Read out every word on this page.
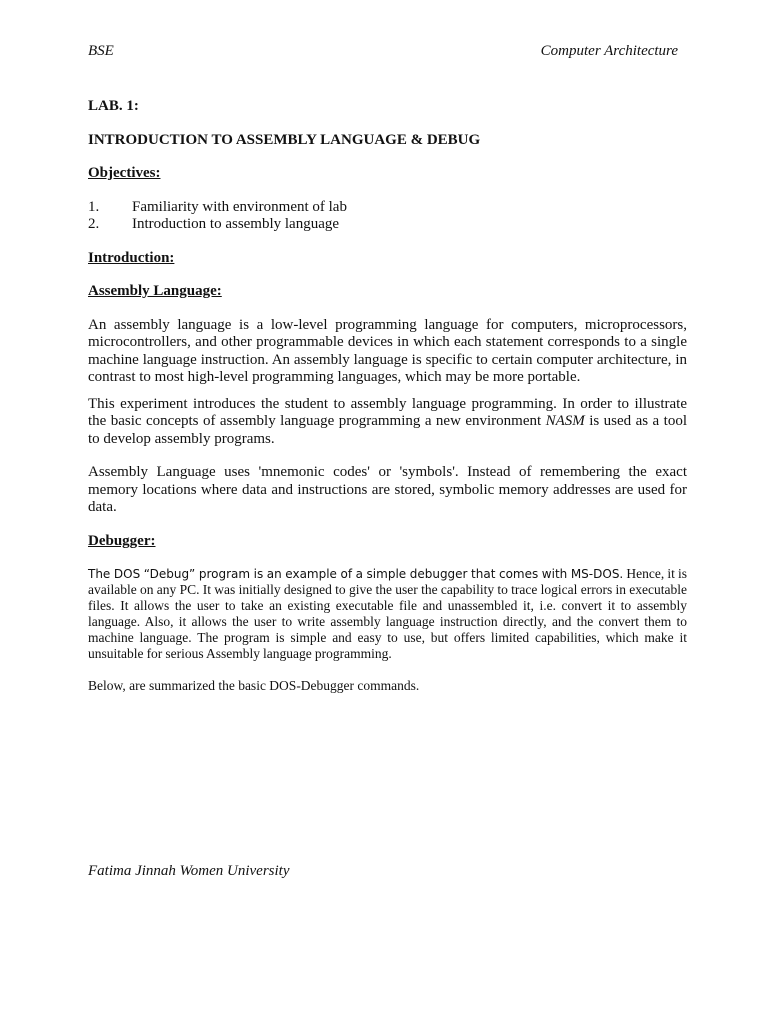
BSE	Computer Architecture
LAB. 1:
INTRODUCTION TO ASSEMBLY LANGUAGE & DEBUG
Objectives:
1.	Familiarity with environment of lab
2.	Introduction to assembly language
Introduction:
Assembly Language:

An assembly language is a low-level programming language for computers, microprocessors, microcontrollers, and other programmable devices in which each statement corresponds to a single machine language instruction. An assembly language is specific to certain computer architecture, in contrast to most high-level programming languages, which may be more portable.

This experiment introduces the student to assembly language programming. In order to illustrate the basic concepts of assembly language programming a new environment NASM is used as a tool to develop assembly programs.

Assembly Language uses 'mnemonic codes' or 'symbols'. Instead of remembering the exact memory locations where data and instructions are stored, symbolic memory addresses are used for data.

Debugger:

The DOS “Debug” program is an example of a simple debugger that comes with MS-DOS. Hence, it is available on any PC. It was initially designed to give the user the capability to trace logical errors in executable files. It allows the user to take an existing executable file and unassembled it, i.e. convert it to assembly language. Also, it allows the user to write assembly language instruction directly, and the convert them to machine language. The program is simple and easy to use, but offers limited capabilities, which make it unsuitable for serious Assembly language programming.

Below, are summarized the basic DOS-Debugger commands.

Fatima Jinnah Women University
